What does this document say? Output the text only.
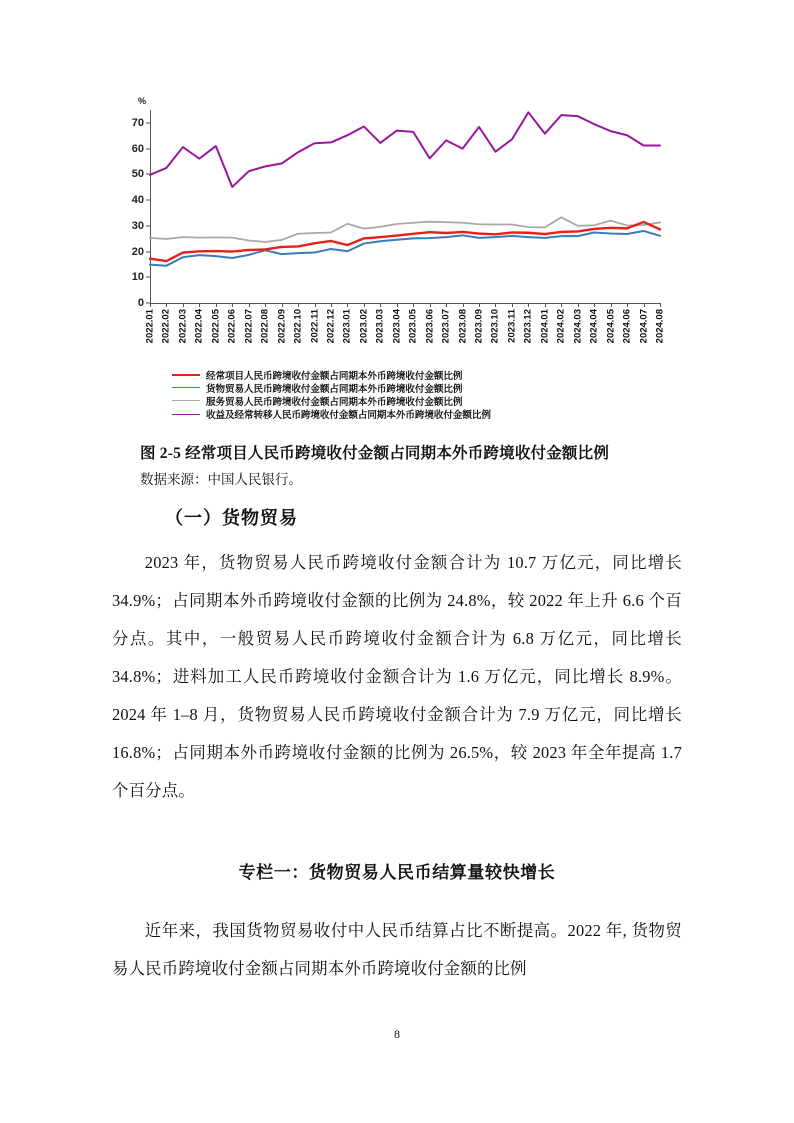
%
0
10
20
30
40
50
60
70
2022.01 2022.02 2022.03 2022.04 2022.05 2022.06 2022.07 2022.08 2022.09 2022.10 2022.11 2022.12 2023.01 2023.02 2023.03 2023.04 2023.05 2023.06 2023.07 2023.08 2023.09 2023.10 2023.11 2023.12 2024.01 2024.02 2024.03 2024.04 2024.05 2024.06 2024.07 2024.08
经常项目人民币跨境收付金额占同期本外币跨境收付金额比例
货物贸易人民币跨境收付金额占同期本外币跨境收付金额比例
服务贸易人民币跨境收付金额占同期本外币跨境收付金额比例
收益及经常转移人民币跨境收付金额占同期本外币跨境收付金额比例
图 2-5 经常项目人民币跨境收付金额占同期本外币跨境收付金额比例
数据来源：中国人民银行。
（一）货物贸易
2023 年，货物贸易人民币跨境收付金额合计为 10.7 万亿元，同比增长 34.9%；占同期本外币跨境收付金额的比例为 24.8%，较 2022 年上升 6.6 个百分点。其中，一般贸易人民币跨境收付金额合计为 6.8 万亿元，同比增长 34.8%；进料加工人民币跨境收付金额合计为 1.6 万亿元，同比增长 8.9%。2024 年 1–8 月，货物贸易人民币跨境收付金额合计为 7.9 万亿元，同比增长 16.8%；占同期本外币跨境收付金额的比例为 26.5%，较 2023 年全年提高 1.7 个百分点。
专栏一：货物贸易人民币结算量较快增长
近年来，我国货物贸易收付中人民币结算占比不断提高。2022 年, 货物贸易人民币跨境收付金额占同期本外币跨境收付金额的比例
8
